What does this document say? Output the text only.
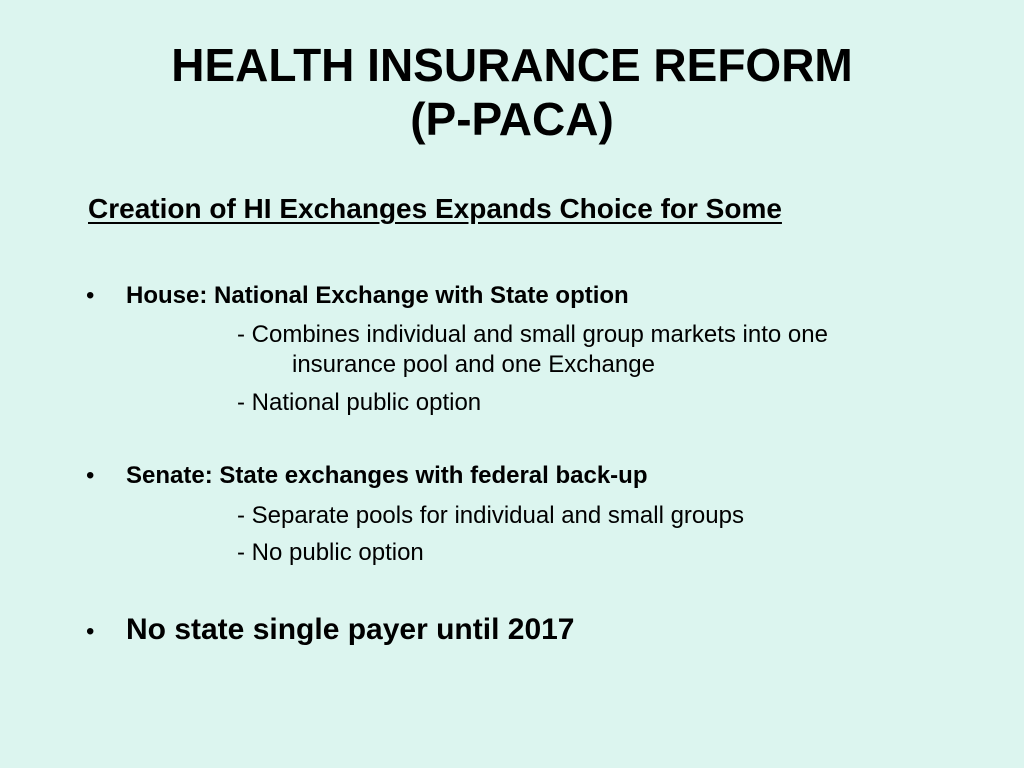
HEALTH INSURANCE REFORM
(P-PACA)
Creation of HI Exchanges Expands Choice for Some
• House: National Exchange with State option
- Combines individual and small group markets into one
insurance pool and one Exchange
- National public option
• Senate: State exchanges with federal back-up
- Separate pools for individual and small groups
- No public option
• No state single payer until 2017
